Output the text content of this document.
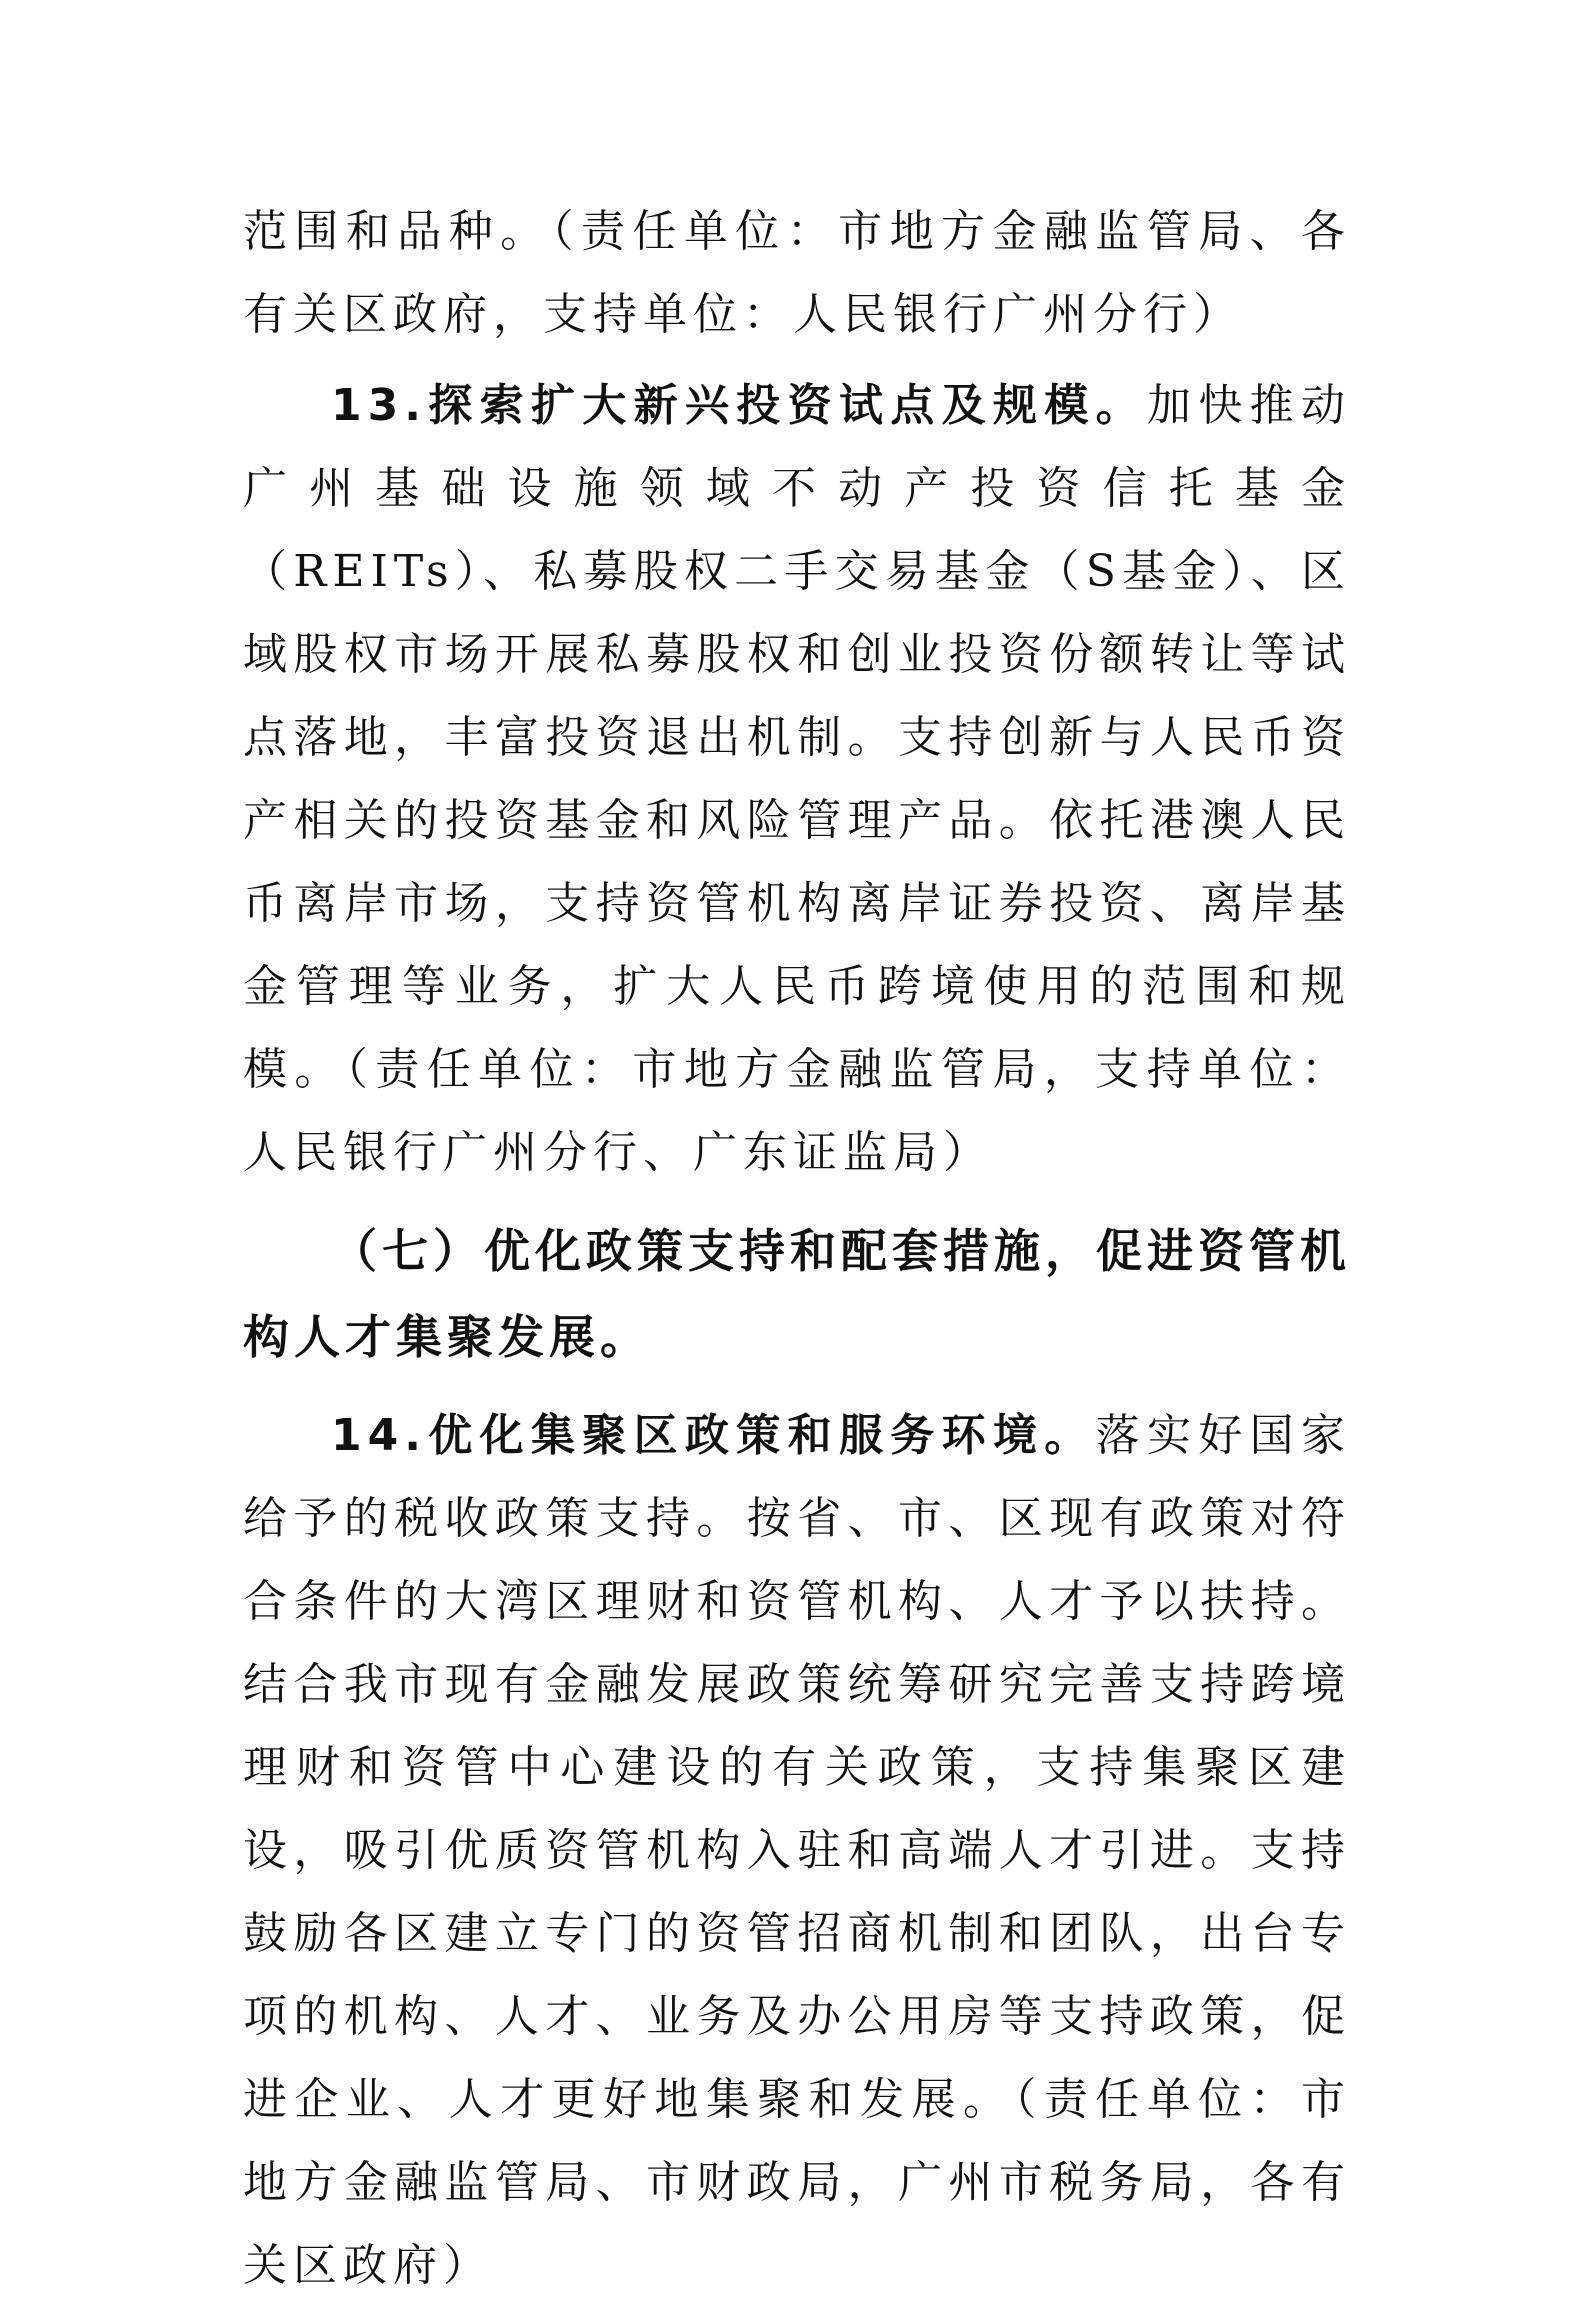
范围和品种。（责任单位：市地方金融监管局、各有关区政府，支持单位：人民银行广州分行）

13.探索扩大新兴投资试点及规模。加快推动广州基础设施领域不动产投资信托基金（REITs）、私募股权二手交易基金（S基金）、区域股权市场开展私募股权和创业投资份额转让等试点落地，丰富投资退出机制。支持创新与人民币资产相关的投资基金和风险管理产品。依托港澳人民币离岸市场，支持资管机构离岸证券投资、离岸基金管理等业务，扩大人民币跨境使用的范围和规模。（责任单位：市地方金融监管局，支持单位：人民银行广州分行、广东证监局）

（七）优化政策支持和配套措施，促进资管机构人才集聚发展。

14.优化集聚区政策和服务环境。落实好国家给予的税收政策支持。按省、市、区现有政策对符合条件的大湾区理财和资管机构、人才予以扶持。结合我市现有金融发展政策统筹研究完善支持跨境理财和资管中心建设的有关政策，支持集聚区建设，吸引优质资管机构入驻和高端人才引进。支持鼓励各区建立专门的资管招商机制和团队，出台专项的机构、人才、业务及办公用房等支持政策，促进企业、人才更好地集聚和发展。（责任单位：市地方金融监管局、市财政局，广州市税务局，各有关区政府）
